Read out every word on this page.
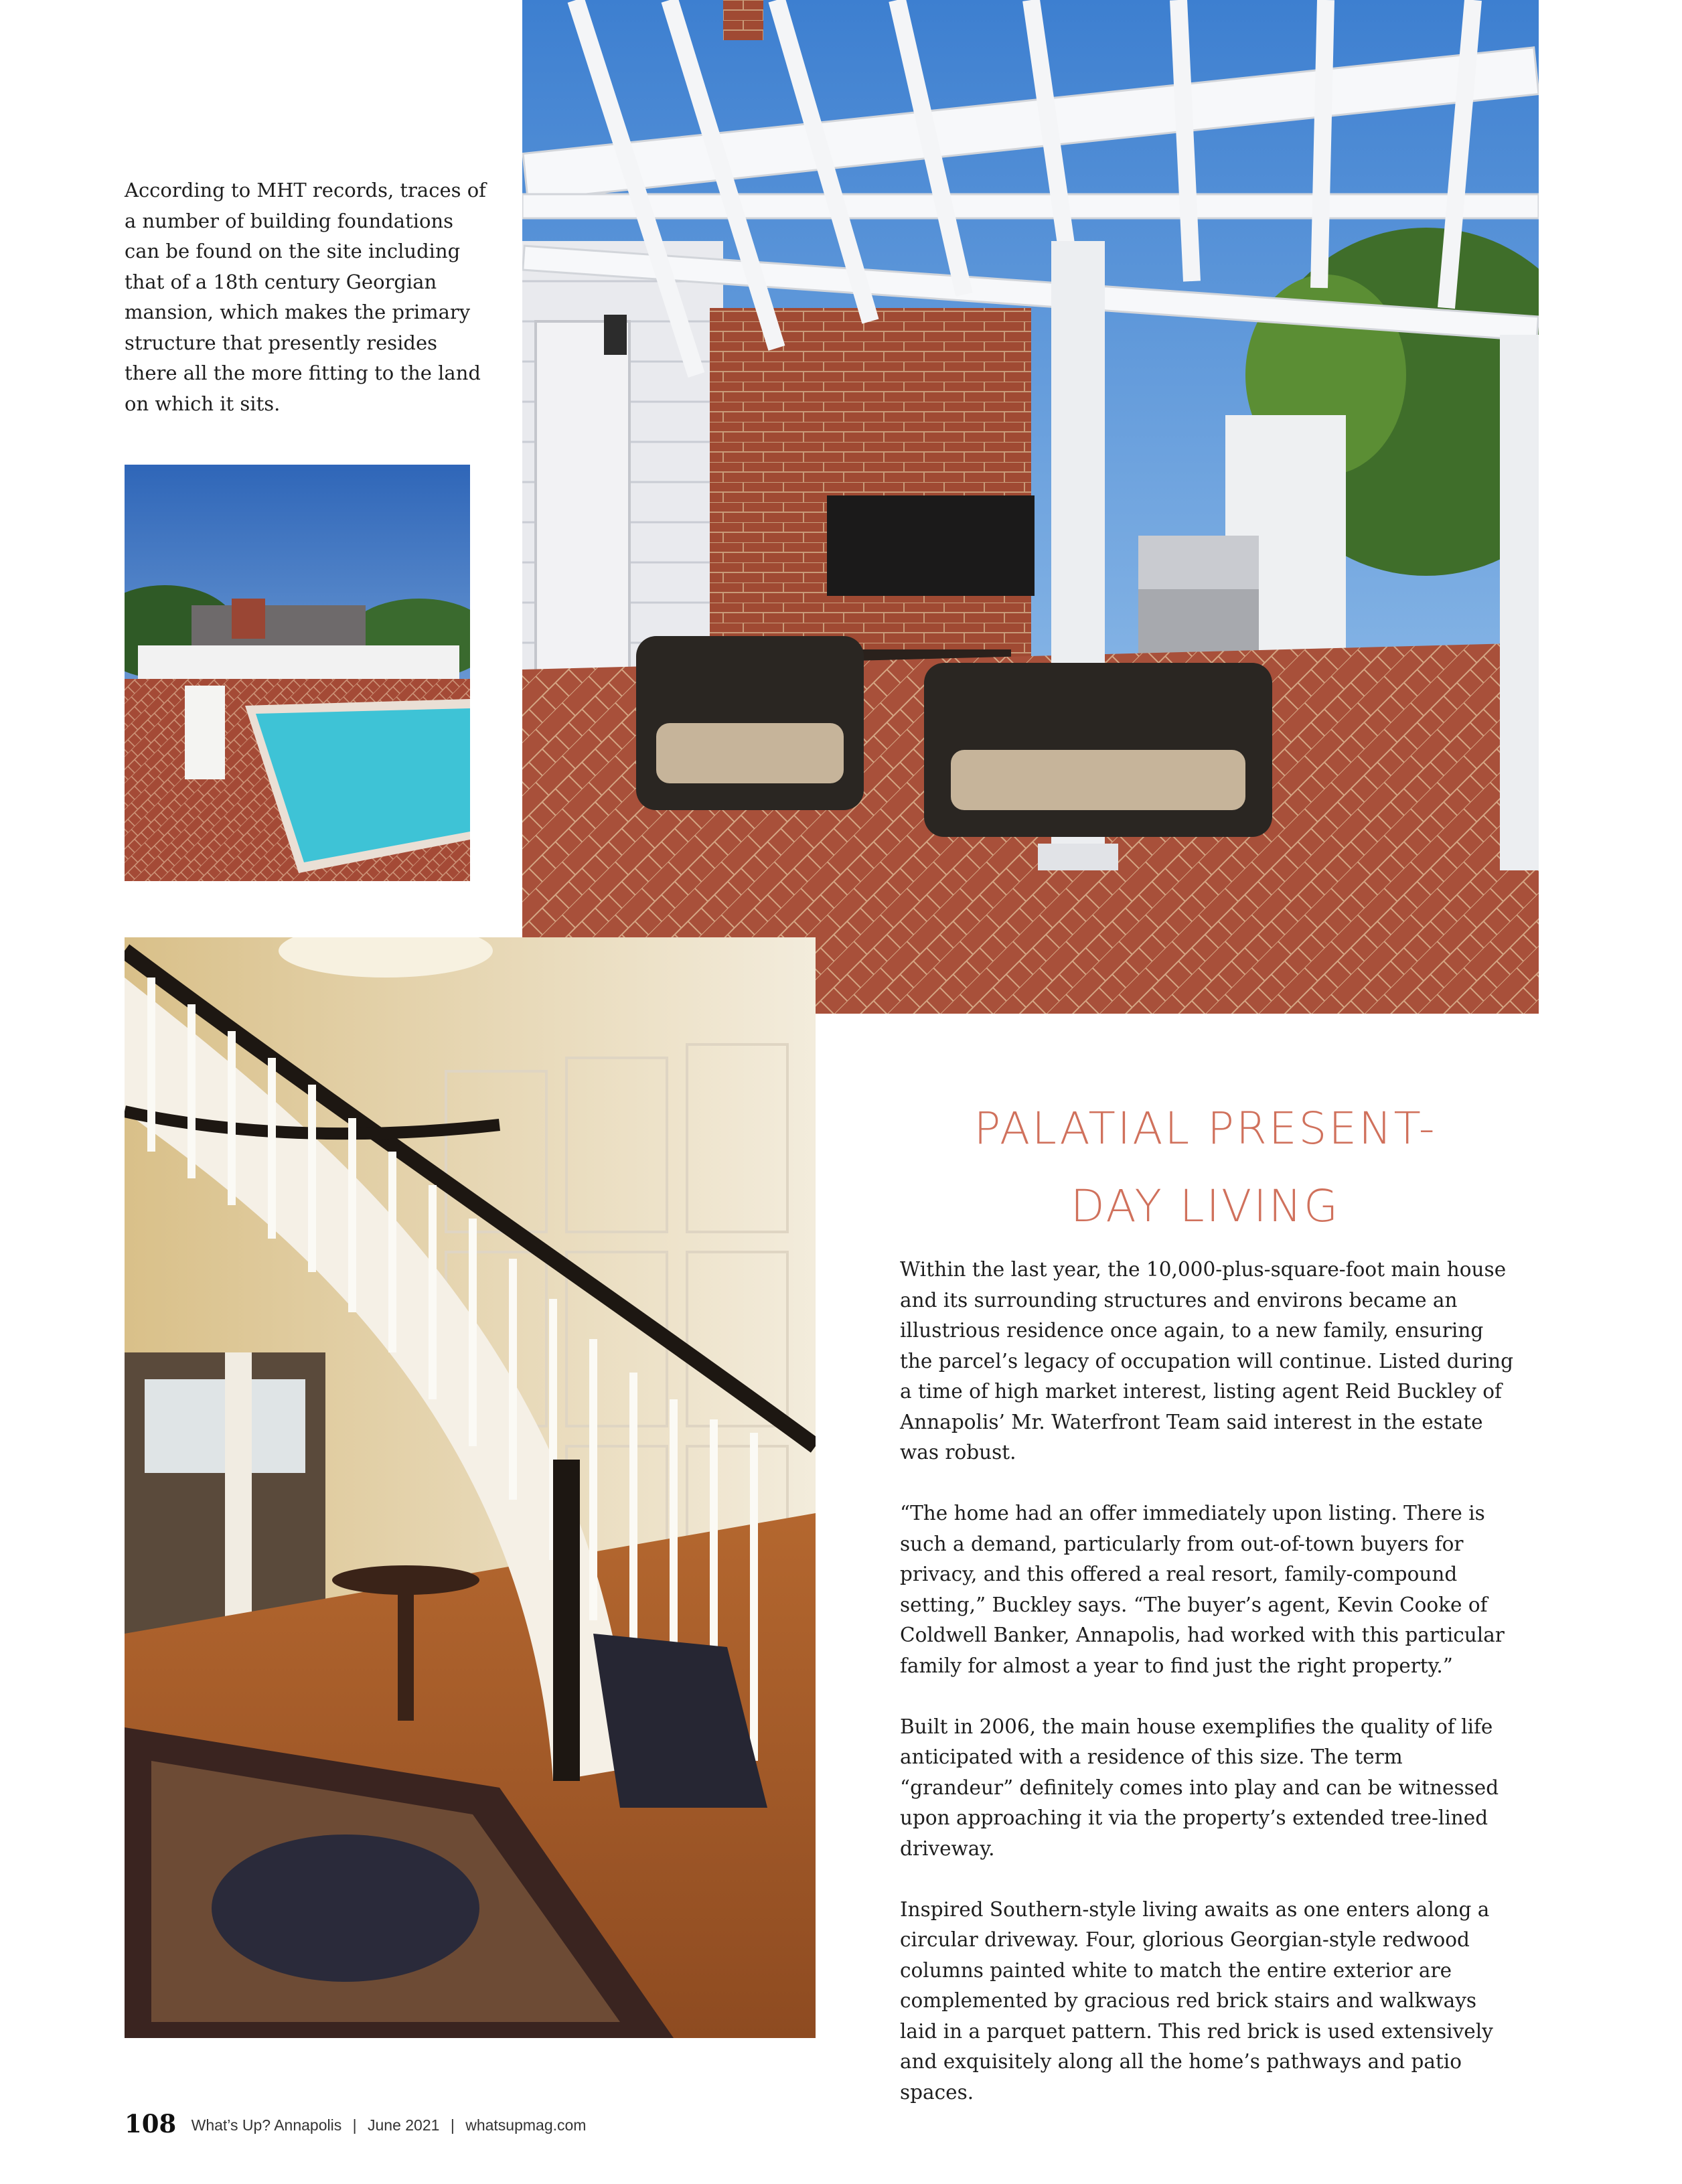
According to MHT records, traces of a number of building foundations can be found on the site including that of a 18th century Georgian mansion, which makes the primary structure that presently resides there all the more fitting to the land on which it sits.

PALATIAL PRESENT-
DAY LIVING

Within the last year, the 10,000-plus-square-foot main house and its surrounding structures and environs became an illustrious residence once again, to a new family, ensuring the parcel’s legacy of occupation will continue. Listed during a time of high market interest, listing agent Reid Buckley of Annapolis’ Mr. Waterfront Team said interest in the estate was robust.

“The home had an offer immediately upon listing. There is such a demand, particularly from out-of-town buyers for privacy, and this offered a real resort, family-compound setting,” Buckley says. “The buyer’s agent, Kevin Cooke of Coldwell Banker, Annapolis, had worked with this particular family for almost a year to find just the right property.”

Built in 2006, the main house exemplifies the quality of life anticipated with a residence of this size. The term “grandeur” definitely comes into play and can be witnessed upon approaching it via the property’s extended tree-lined driveway.

Inspired Southern-style living awaits as one enters along a circular driveway. Four, glorious Georgian-style redwood columns painted white to match the entire exterior are complemented by gracious red brick stairs and walkways laid in a parquet pattern. This red brick is used extensively and exquisitely along all the home’s pathways and patio spaces.

108 What’s Up? Annapolis | June 2021 | whatsupmag.com
